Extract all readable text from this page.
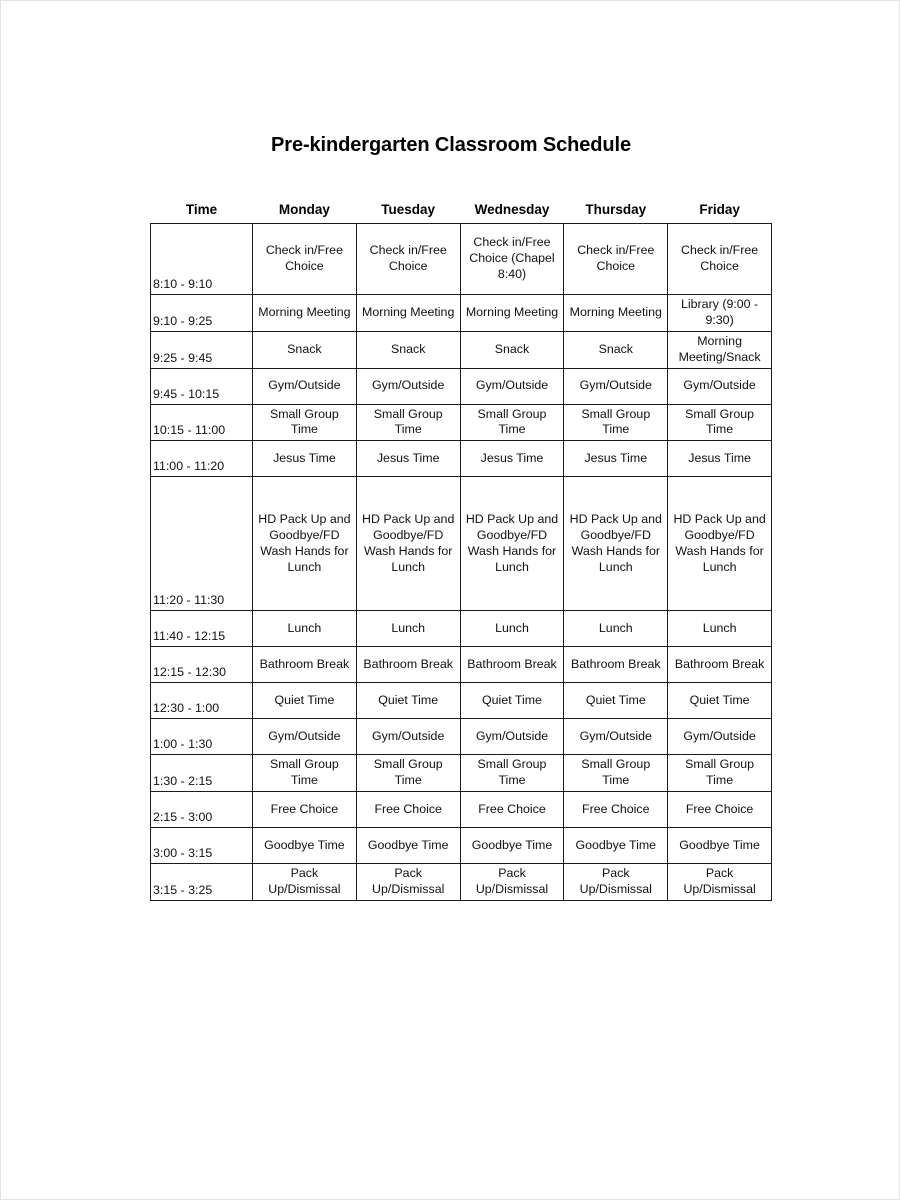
Pre-kindergarten Classroom Schedule
Time	Monday	Tuesday	Wednesday	Thursday	Friday
8:10 - 9:10	Check in/Free Choice	Check in/Free Choice	Check in/Free Choice (Chapel 8:40)	Check in/Free Choice	Check in/Free Choice
9:10 - 9:25	Morning Meeting	Morning Meeting	Morning Meeting	Morning Meeting	Library (9:00 - 9:30)
9:25 - 9:45	Snack	Snack	Snack	Snack	Morning Meeting/Snack
9:45 - 10:15	Gym/Outside	Gym/Outside	Gym/Outside	Gym/Outside	Gym/Outside
10:15 - 11:00	Small Group Time	Small Group Time	Small Group Time	Small Group Time	Small Group Time
11:00 - 11:20	Jesus Time	Jesus Time	Jesus Time	Jesus Time	Jesus Time
11:20 - 11:30	HD Pack Up and Goodbye/FD Wash Hands for Lunch	HD Pack Up and Goodbye/FD Wash Hands for Lunch	HD Pack Up and Goodbye/FD Wash Hands for Lunch	HD Pack Up and Goodbye/FD Wash Hands for Lunch	HD Pack Up and Goodbye/FD Wash Hands for Lunch
11:40 - 12:15	Lunch	Lunch	Lunch	Lunch	Lunch
12:15 - 12:30	Bathroom Break	Bathroom Break	Bathroom Break	Bathroom Break	Bathroom Break
12:30 - 1:00	Quiet Time	Quiet Time	Quiet Time	Quiet Time	Quiet Time
1:00 - 1:30	Gym/Outside	Gym/Outside	Gym/Outside	Gym/Outside	Gym/Outside
1:30 - 2:15	Small Group Time	Small Group Time	Small Group Time	Small Group Time	Small Group Time
2:15 - 3:00	Free Choice	Free Choice	Free Choice	Free Choice	Free Choice
3:00 - 3:15	Goodbye Time	Goodbye Time	Goodbye Time	Goodbye Time	Goodbye Time
3:15 - 3:25	Pack Up/Dismissal	Pack Up/Dismissal	Pack Up/Dismissal	Pack Up/Dismissal	Pack Up/Dismissal
